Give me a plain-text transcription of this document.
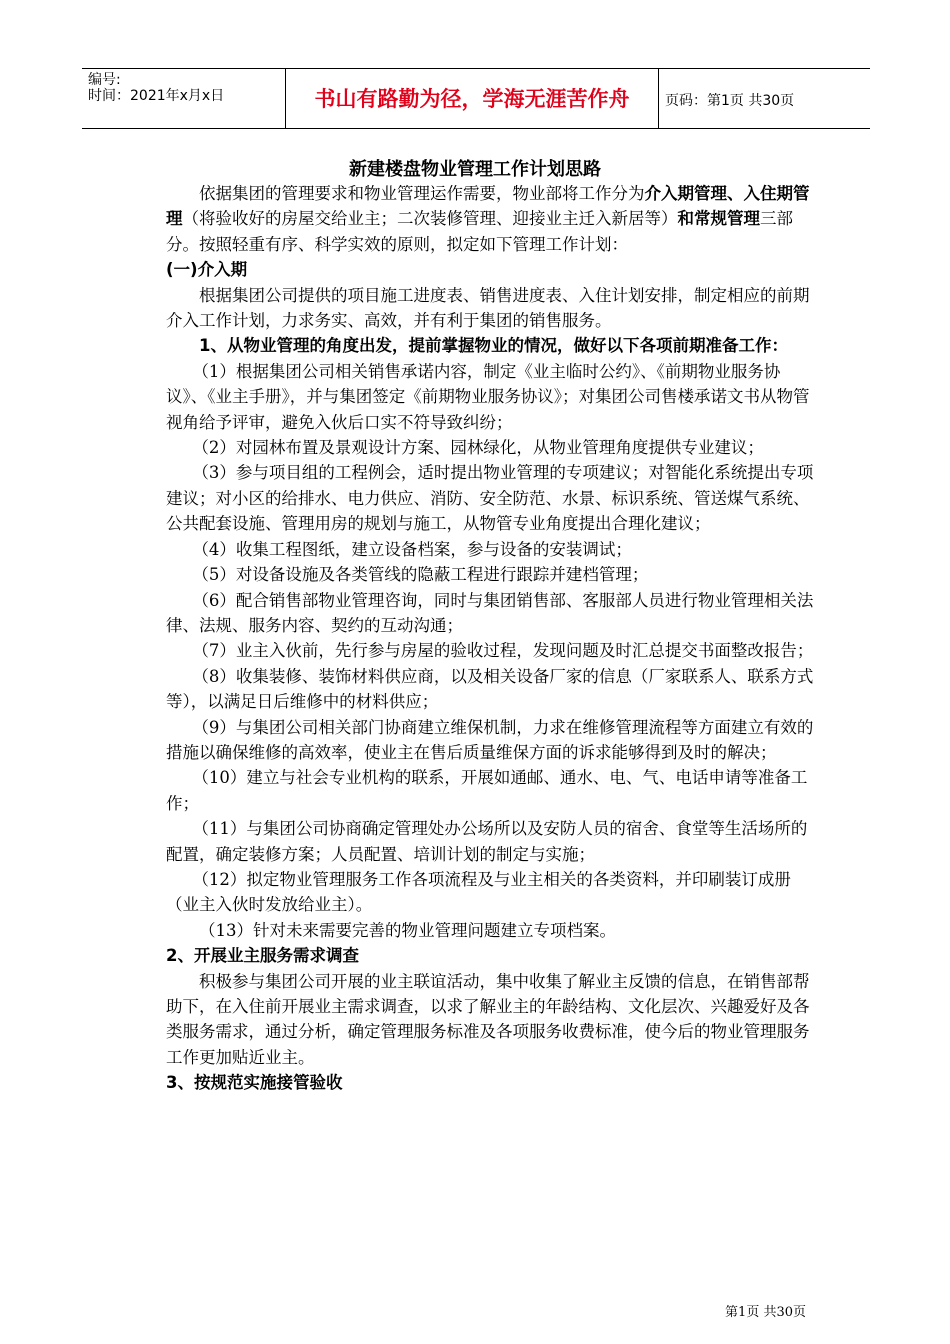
编号:
时间：2021年x月x日	书山有路勤为径，学海无涯苦作舟	页码：第1页 共30页
新建楼盘物业管理工作计划思路

依据集团的管理要求和物业管理运作需要，物业部将工作分为介入期管理、入住期管理（将验收好的房屋交给业主；二次装修管理、迎接业主迁入新居等）和常规管理三部分。按照轻重有序、科学实效的原则，拟定如下管理工作计划：

(一)介入期

根据集团公司提供的项目施工进度表、销售进度表、入住计划安排，制定相应的前期介入工作计划，力求务实、高效，并有利于集团的销售服务。

1、从物业管理的角度出发，提前掌握物业的情况，做好以下各项前期准备工作：

（1）根据集团公司相关销售承诺内容，制定《业主临时公约》、《前期物业服务协议》、《业主手册》，并与集团签定《前期物业服务协议》；对集团公司售楼承诺文书从物管视角给予评审，避免入伙后口实不符导致纠纷；

（2）对园林布置及景观设计方案、园林绿化，从物业管理角度提供专业建议；

（3）参与项目组的工程例会，适时提出物业管理的专项建议；对智能化系统提出专项建议；对小区的给排水、电力供应、消防、安全防范、水景、标识系统、管送煤气系统、公共配套设施、管理用房的规划与施工，从物管专业角度提出合理化建议；

（4）收集工程图纸，建立设备档案，参与设备的安装调试；

（5）对设备设施及各类管线的隐蔽工程进行跟踪并建档管理；

（6）配合销售部物业管理咨询，同时与集团销售部、客服部人员进行物业管理相关法律、法规、服务内容、契约的互动沟通；

（7）业主入伙前，先行参与房屋的验收过程，发现问题及时汇总提交书面整改报告；

（8）收集装修、装饰材料供应商，以及相关设备厂家的信息（厂家联系人、联系方式等），以满足日后维修中的材料供应；

（9）与集团公司相关部门协商建立维保机制，力求在维修管理流程等方面建立有效的措施以确保维修的高效率，使业主在售后质量维保方面的诉求能够得到及时的解决；

（10）建立与社会专业机构的联系，开展如通邮、通水、电、气、电话申请等准备工作；

（11）与集团公司协商确定管理处办公场所以及安防人员的宿舍、食堂等生活场所的配置，确定装修方案；人员配置、培训计划的制定与实施；

（12）拟定物业管理服务工作各项流程及与业主相关的各类资料，并印刷装订成册（业主入伙时发放给业主）。

（13）针对未来需要完善的物业管理问题建立专项档案。

2、开展业主服务需求调查

积极参与集团公司开展的业主联谊活动，集中收集了解业主反馈的信息，在销售部帮助下，在入住前开展业主需求调查，以求了解业主的年龄结构、文化层次、兴趣爱好及各类服务需求，通过分析，确定管理服务标准及各项服务收费标准，使今后的物业管理服务工作更加贴近业主。

3、按规范实施接管验收

第1页 共30页
